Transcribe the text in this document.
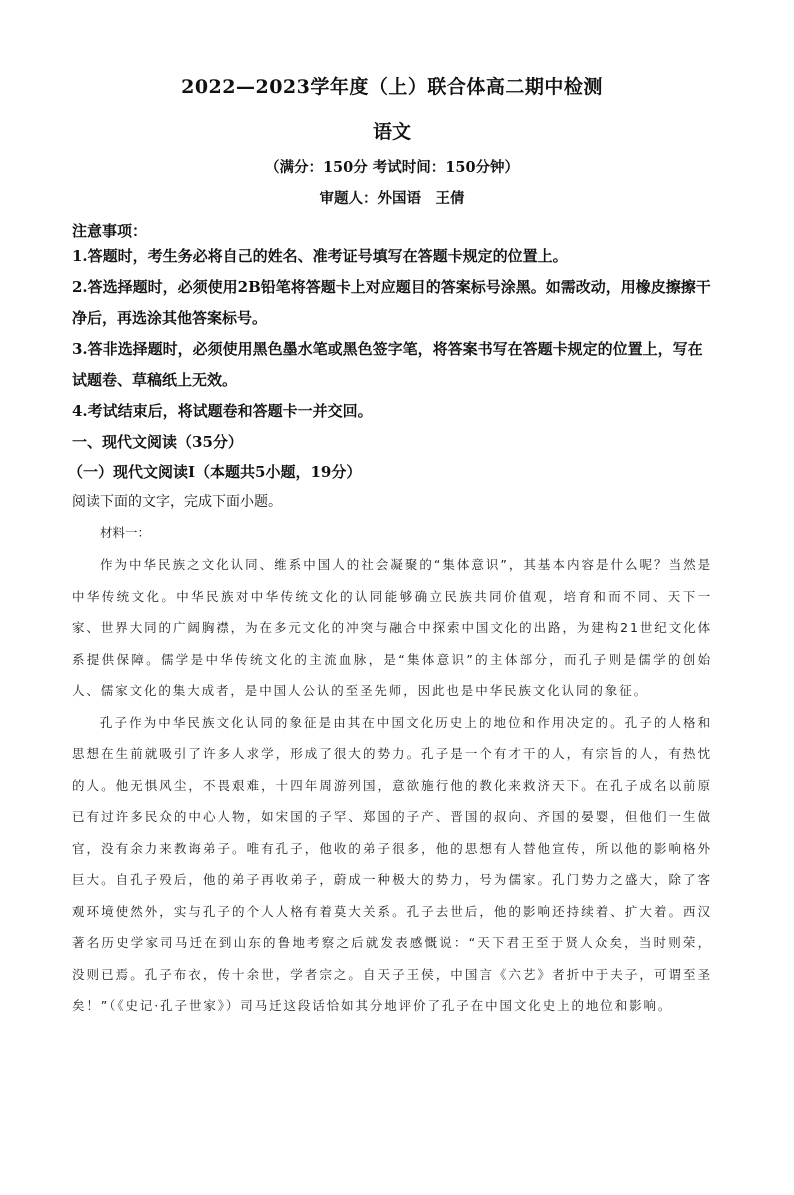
2022—2023学年度（上）联合体高二期中检测
语文
（满分：150分 考试时间：150分钟）
审题人：外国语　王倩
注意事项：
1.答题时，考生务必将自己的姓名、准考证号填写在答题卡规定的位置上。
2.答选择题时，必须使用2B铅笔将答题卡上对应题目的答案标号涂黑。如需改动，用橡皮擦擦干净后，再选涂其他答案标号。
3.答非选择题时，必须使用黑色墨水笔或黑色签字笔，将答案书写在答题卡规定的位置上，写在试题卷、草稿纸上无效。
4.考试结束后，将试题卷和答题卡一并交回。
一、现代文阅读（35分）
（一）现代文阅读Ⅰ（本题共5小题，19分）
阅读下面的文字，完成下面小题。
材料一：

作为中华民族之文化认同、维系中国人的社会凝聚的“集体意识”，其基本内容是什么呢？当然是中华传统文化。中华民族对中华传统文化的认同能够确立民族共同价值观，培育和而不同、天下一家、世界大同的广阔胸襟，为在多元文化的冲突与融合中探索中国文化的出路，为建构21世纪文化体系提供保障。儒学是中华传统文化的主流血脉，是“集体意识”的主体部分，而孔子则是儒学的创始人、儒家文化的集大成者，是中国人公认的至圣先师，因此也是中华民族文化认同的象征。

孔子作为中华民族文化认同的象征是由其在中国文化历史上的地位和作用决定的。孔子的人格和思想在生前就吸引了许多人求学，形成了很大的势力。孔子是一个有才干的人，有宗旨的人，有热忱的人。他无惧风尘，不畏艰难，十四年周游列国，意欲施行他的教化来救济天下。在孔子成名以前原已有过许多民众的中心人物，如宋国的子罕、郑国的子产、晋国的叔向、齐国的晏婴，但他们一生做官，没有余力来教诲弟子。唯有孔子，他收的弟子很多，他的思想有人替他宣传，所以他的影响格外巨大。自孔子殁后，他的弟子再收弟子，蔚成一种极大的势力，号为儒家。孔门势力之盛大，除了客观环境使然外，实与孔子的个人人格有着莫大关系。孔子去世后，他的影响还持续着、扩大着。西汉著名历史学家司马迁在到山东的鲁地考察之后就发表感慨说：“天下君王至于贤人众矣，当时则荣，没则已焉。孔子布衣，传十余世，学者宗之。自天子王侯，中国言《六艺》者折中于夫子，可谓至圣矣！”（《史记·孔子世家》）司马迁这段话恰如其分地评价了孔子在中国文化史上的地位和影响。
